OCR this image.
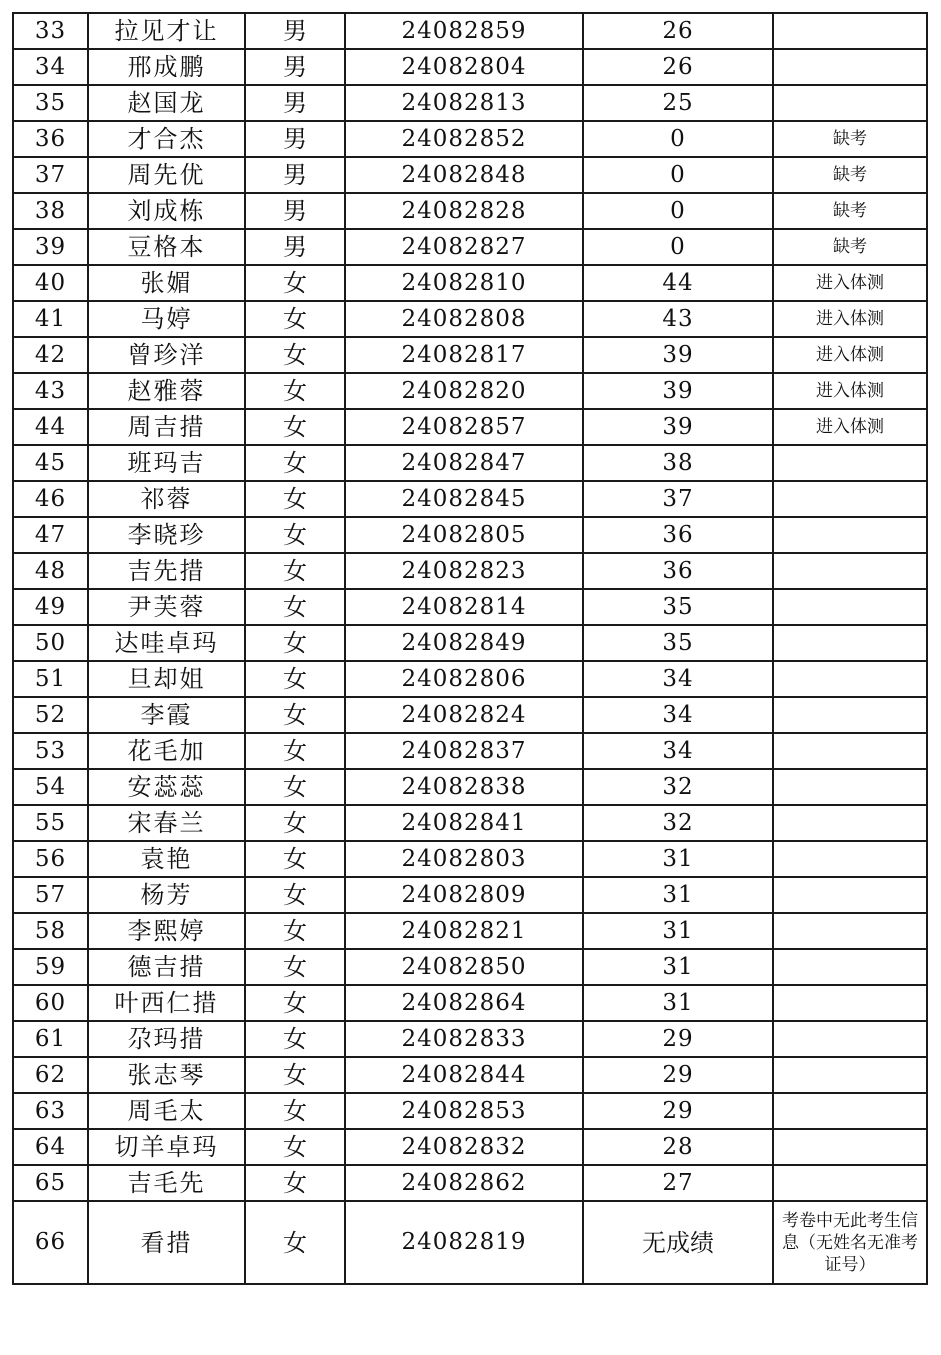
33	拉见才让	男	24082859	26	
34	邢成鹏	男	24082804	26	
35	赵国龙	男	24082813	25	
36	才合杰	男	24082852	0	缺考
37	周先优	男	24082848	0	缺考
38	刘成栋	男	24082828	0	缺考
39	豆格本	男	24082827	0	缺考
40	张媚	女	24082810	44	进入体测
41	马婷	女	24082808	43	进入体测
42	曾珍洋	女	24082817	39	进入体测
43	赵雅蓉	女	24082820	39	进入体测
44	周吉措	女	24082857	39	进入体测
45	班玛吉	女	24082847	38	
46	祁蓉	女	24082845	37	
47	李晓珍	女	24082805	36	
48	吉先措	女	24082823	36	
49	尹芙蓉	女	24082814	35	
50	达哇卓玛	女	24082849	35	
51	旦却姐	女	24082806	34	
52	李霞	女	24082824	34	
53	花毛加	女	24082837	34	
54	安蕊蕊	女	24082838	32	
55	宋春兰	女	24082841	32	
56	袁艳	女	24082803	31	
57	杨芳	女	24082809	31	
58	李熙婷	女	24082821	31	
59	德吉措	女	24082850	31	
60	叶西仁措	女	24082864	31	
61	尕玛措	女	24082833	29	
62	张志琴	女	24082844	29	
63	周毛太	女	24082853	29	
64	切羊卓玛	女	24082832	28	
65	吉毛先	女	24082862	27	
66	看措	女	24082819	无成绩	考卷中无此考生信息（无姓名无准考证号）
